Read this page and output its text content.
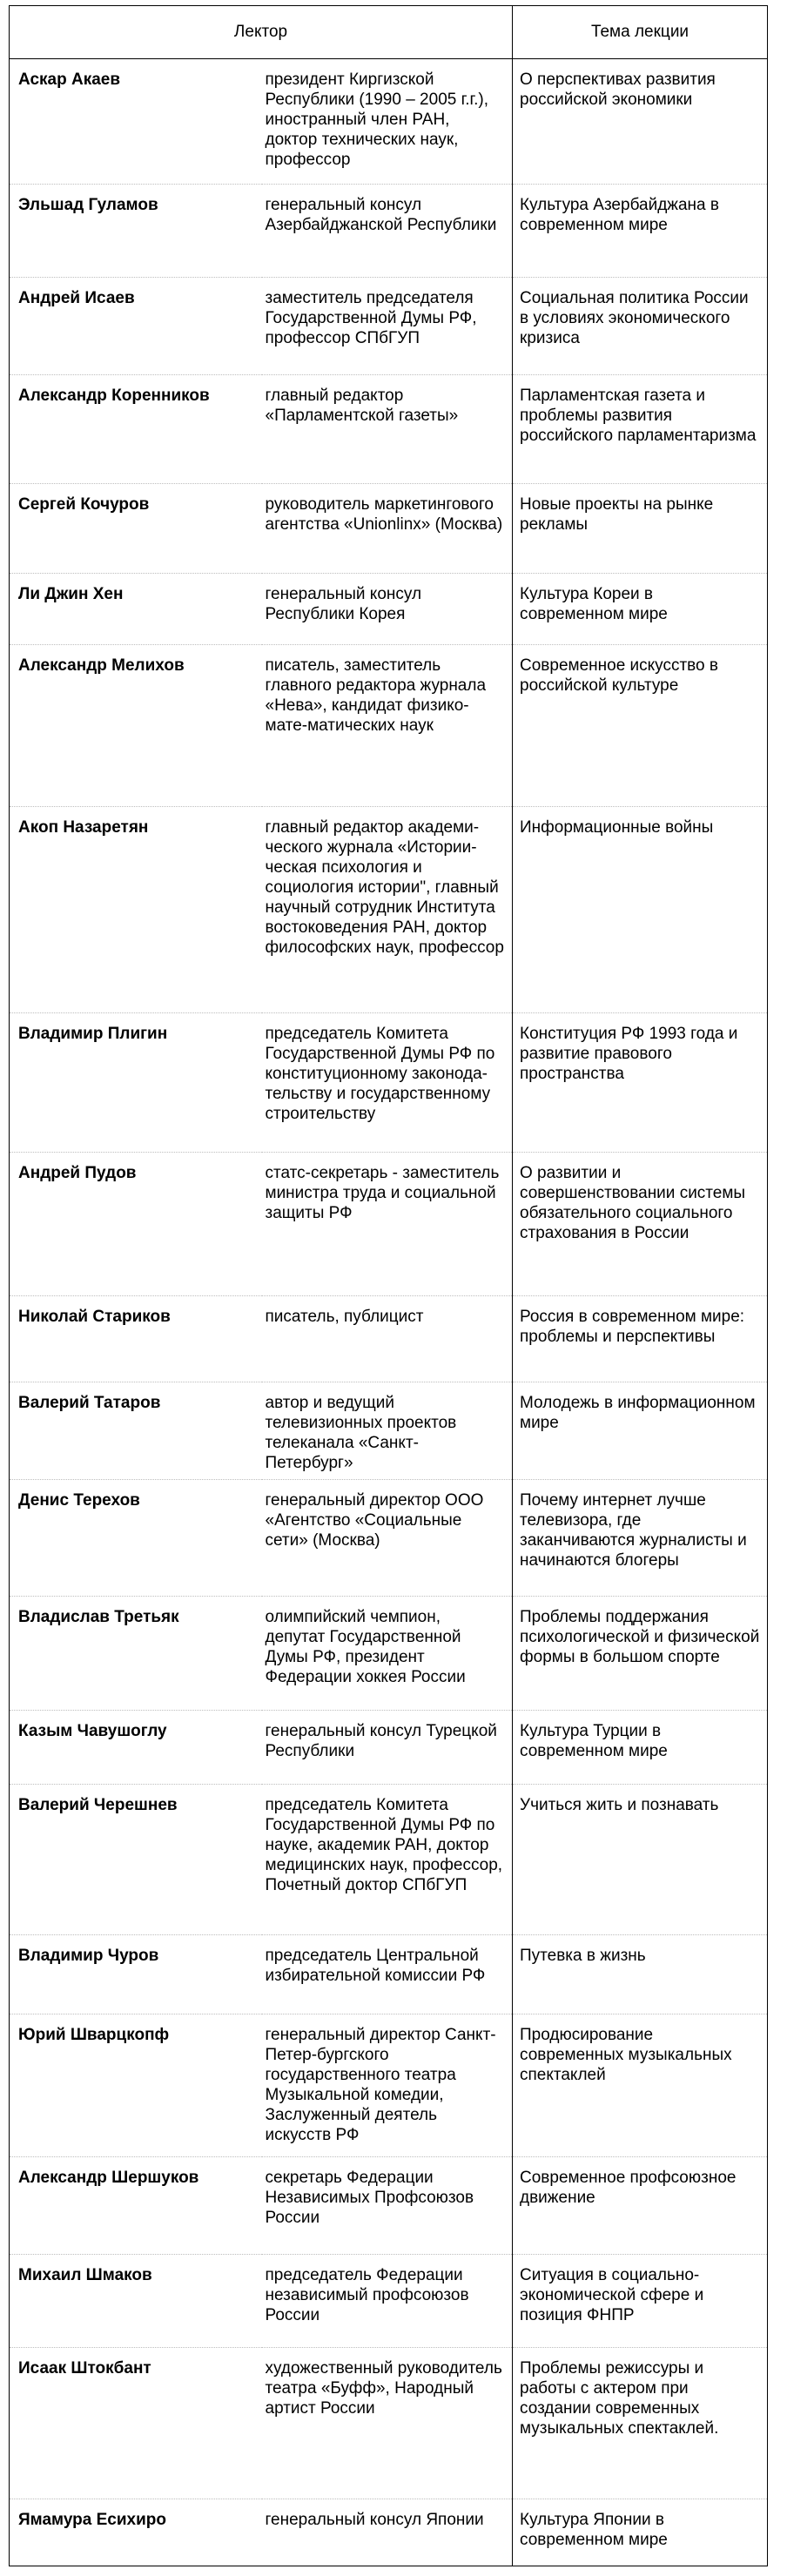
Лектор		Тема лекции
Аскар Акаев	президент Киргизской Республики (1990 – 2005 г.г.), иностранный член РАН, доктор технических наук, профессор	О перспективах развития российской экономики
Эльшад Гуламов	генеральный консул Азербайджанской Республики	Культура Азербайджана в современном мире
Андрей Исаев	заместитель председателя Государственной Думы РФ, профессор СПбГУП	Социальная политика России в условиях экономического кризиса
Александр Коренников	главный редактор «Парламентской газеты»	Парламентская газета и проблемы развития российского парламентаризма
Сергей Кочуров	руководитель маркетингового агентства «Unionlinx» (Москва)	Новые проекты на рынке рекламы
Ли Джин Хен	генеральный консул Республики Корея	Культура Кореи в современном мире
Александр Мелихов	писатель, заместитель главного редактора журнала «Нева», кандидат физико-мате-матических наук	Современное искусство в российской культуре
Акоп Назаретян	главный редактор академи-ческого журнала «Истории-ческая психология и социология истории", главный научный сотрудник Института востоковедения РАН, доктор философских наук, профессор	Информационные войны
Владимир Плигин	председатель Комитета Государственной Думы РФ по конституционному законода-тельству и государственному строительству	Конституция РФ 1993 года и развитие правового пространства
Андрей Пудов	статс-секретарь - заместитель министра труда и социальной защиты РФ	О развитии и совершенствовании системы обязательного социального страхования в России
Николай Стариков	писатель, публицист	Россия в современном мире: проблемы и перспективы
Валерий Татаров	автор и ведущий телевизионных проектов телеканала «Санкт-Петербург»	Молодежь в информационном мире
Денис Терехов	генеральный директор ООО «Агентство «Социальные сети» (Москва)	Почему интернет лучше телевизора, где заканчиваются журналисты и начинаются блогеры
Владислав Третьяк	олимпийский чемпион, депутат Государственной Думы РФ, президент Федерации хоккея России	Проблемы поддержания психологической и физической формы в большом спорте
Казым Чавушоглу	генеральный консул Турецкой Республики	Культура Турции в современном мире
Валерий Черешнев	председатель Комитета Государственной Думы РФ по науке, академик РАН, доктор медицинских наук, профессор, Почетный доктор СПбГУП	Учиться жить и познавать
Владимир Чуров	председатель Центральной избирательной комиссии РФ	Путевка в жизнь
Юрий Шварцкопф	генеральный директор Санкт- Петер-бургского государственного театра Музыкальной комедии, Заслуженный деятель искусств РФ	Продюсирование современных музыкальных спектаклей
Александр Шершуков	секретарь Федерации Независимых Профсоюзов России	Современное профсоюзное движение
Михаил Шмаков	председатель Федерации независимый профсоюзов России	Ситуация в социально-экономической сфере и позиция ФНПР
Исаак Штокбант	художественный руководитель театра «Буфф», Народный артист России	Проблемы режиссуры и работы с актером при создании современных музыкальных спектаклей.
Ямамура Есихиро	генеральный консул Японии	Культура Японии в современном мире
